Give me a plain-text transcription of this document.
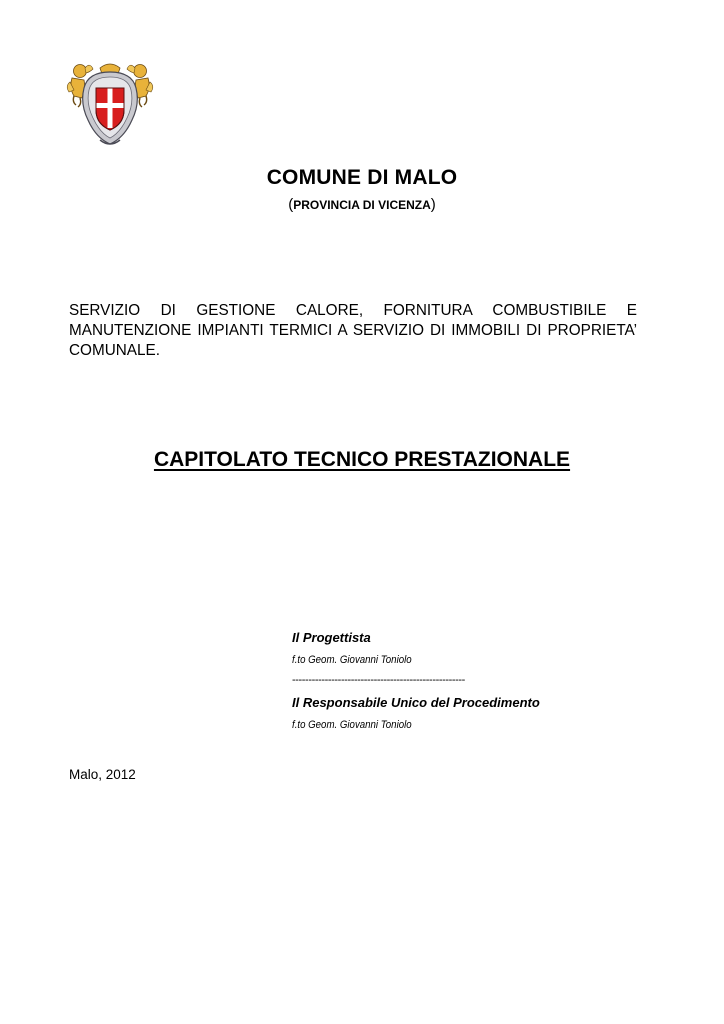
COMUNE DI MALO

(PROVINCIA DI VICENZA)

SERVIZIO DI GESTIONE CALORE, FORNITURA COMBUSTIBILE E MANUTENZIONE IMPIANTI TERMICI A SERVIZIO DI IMMOBILI DI PROPRIETA’ COMUNALE.

CAPITOLATO TECNICO PRESTAZIONALE

Il Progettista

f.to Geom. Giovanni Toniolo

-----------------------------------------------------

Il Responsabile Unico del Procedimento

f.to Geom. Giovanni Toniolo

Malo, 2012
